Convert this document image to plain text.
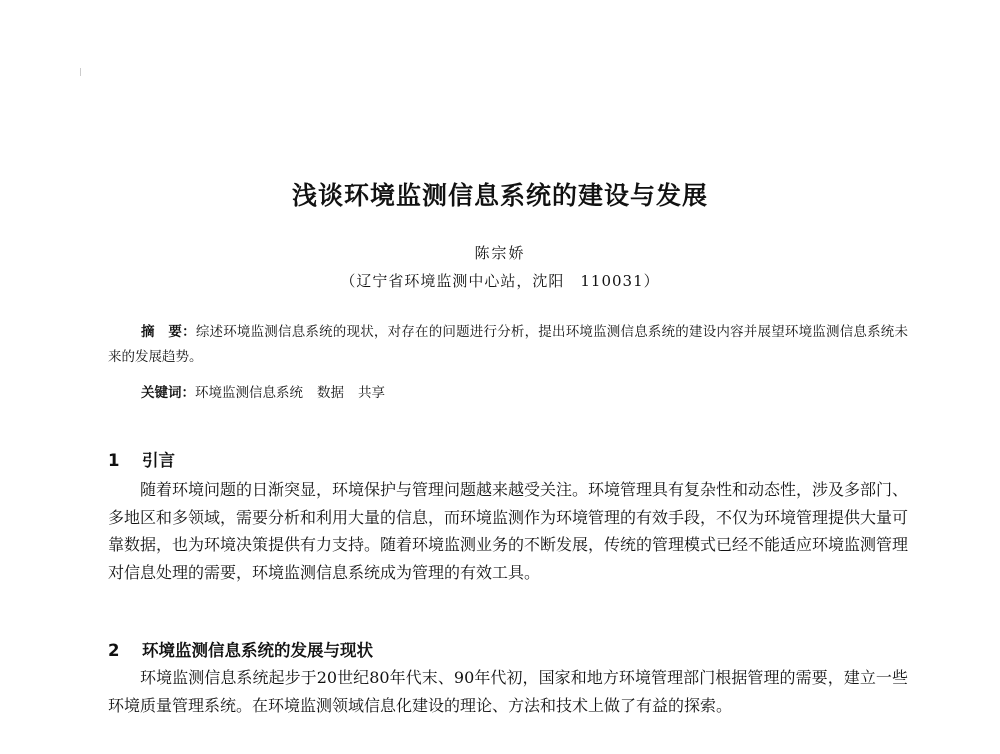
浅谈环境监测信息系统的建设与发展
陈宗娇
（辽宁省环境监测中心站，沈阳　110031）
摘　要：综述环境监测信息系统的现状，对存在的问题进行分析，提出环境监测信息系统的建设内容并展望环境监测信息系统未来的发展趋势。
关键词：环境监测信息系统 数据 共享
1 引言
随着环境问题的日渐突显，环境保护与管理问题越来越受关注。环境管理具有复杂性和动态性，涉及多部门、多地区和多领域，需要分析和利用大量的信息，而环境监测作为环境管理的有效手段，不仅为环境管理提供大量可靠数据，也为环境决策提供有力支持。随着环境监测业务的不断发展，传统的管理模式已经不能适应环境监测管理对信息处理的需要，环境监测信息系统成为管理的有效工具。
2 环境监测信息系统的发展与现状
环境监测信息系统起步于20世纪80年代末、90年代初，国家和地方环境管理部门根据管理的需要，建立一些环境质量管理系统。在环境监测领域信息化建设的理论、方法和技术上做了有益的探索。
